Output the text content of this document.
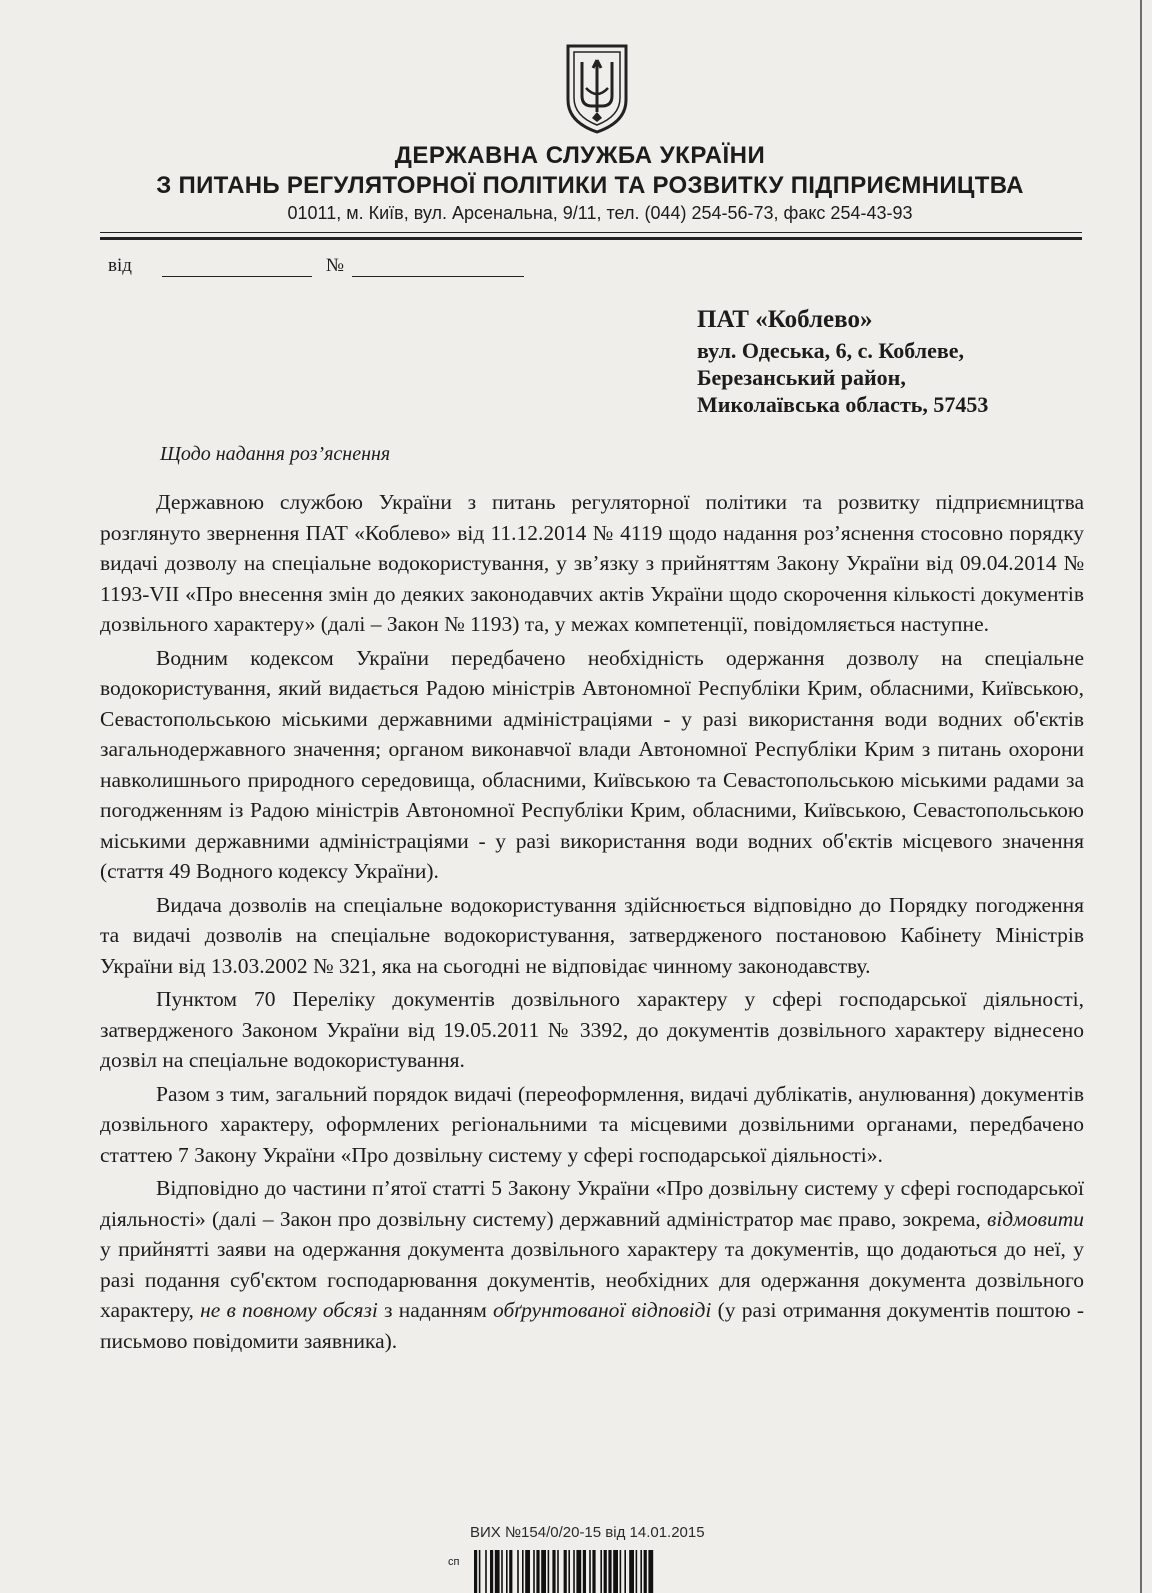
ДЕРЖАВНА СЛУЖБА УКРАЇНИ
З ПИТАНЬ РЕГУЛЯТОРНОЇ ПОЛІТИКИ ТА РОЗВИТКУ ПІДПРИЄМНИЦТВА
01011, м. Київ, вул. Арсенальна, 9/11, тел. (044) 254-56-73, факс 254-43-93
від	№
ПАТ «Коблево»
вул. Одеська, 6, с. Коблеве,
Березанський район,
Миколаївська область, 57453
Щодо надання роз’яснення

Державною службою України з питань регуляторної політики та розвитку підприємництва розглянуто звернення ПАТ «Коблево» від 11.12.2014 № 4119 щодо надання роз’яснення стосовно порядку видачі дозволу на спеціальне водокористування, у зв’язку з прийняттям Закону України від 09.04.2014 № 1193-VII «Про внесення змін до деяких законодавчих актів України щодо скорочення кількості документів дозвільного характеру» (далі – Закон № 1193) та, у межах компетенції, повідомляється наступне.

Водним кодексом України передбачено необхідність одержання дозволу на спеціальне водокористування, який видається Радою міністрів Автономної Республіки Крим, обласними, Київською, Севастопольською міськими державними адміністраціями - у разі використання води водних об'єктів загальнодержавного значення; органом виконавчої влади Автономної Республіки Крим з питань охорони навколишнього природного середовища, обласними, Київською та Севастопольською міськими радами за погодженням із Радою міністрів Автономної Республіки Крим, обласними, Київською, Севастопольською міськими державними адміністраціями - у разі використання води водних об'єктів місцевого значення (стаття 49 Водного кодексу України).

Видача дозволів на спеціальне водокористування здійснюється відповідно до Порядку погодження та видачі дозволів на спеціальне водокористування, затвердженого постановою Кабінету Міністрів України від 13.03.2002 № 321, яка на сьогодні не відповідає чинному законодавству.

Пунктом 70 Переліку документів дозвільного характеру у сфері господарської діяльності, затвердженого Законом України від 19.05.2011 № 3392, до документів дозвільного характеру віднесено дозвіл на спеціальне водокористування.

Разом з тим, загальний порядок видачі (переоформлення, видачі дублікатів, анулювання) документів дозвільного характеру, оформлених регіональними та місцевими дозвільними органами, передбачено статтею 7 Закону України «Про дозвільну систему у сфері господарської діяльності».

Відповідно до частини п’ятої статті 5 Закону України «Про дозвільну систему у сфері господарської діяльності» (далі – Закон про дозвільну систему) державний адміністратор має право, зокрема, відмовити у прийнятті заяви на одержання документа дозвільного характеру та документів, що додаються до неї, у разі подання суб'єктом господарювання документів, необхідних для одержання документа дозвільного характеру, не в повному обсязі з наданням обґрунтованої відповіді (у разі отримання документів поштою - письмово повідомити заявника).

ВИХ №154/0/20-15 від 14.01.2015
сп
